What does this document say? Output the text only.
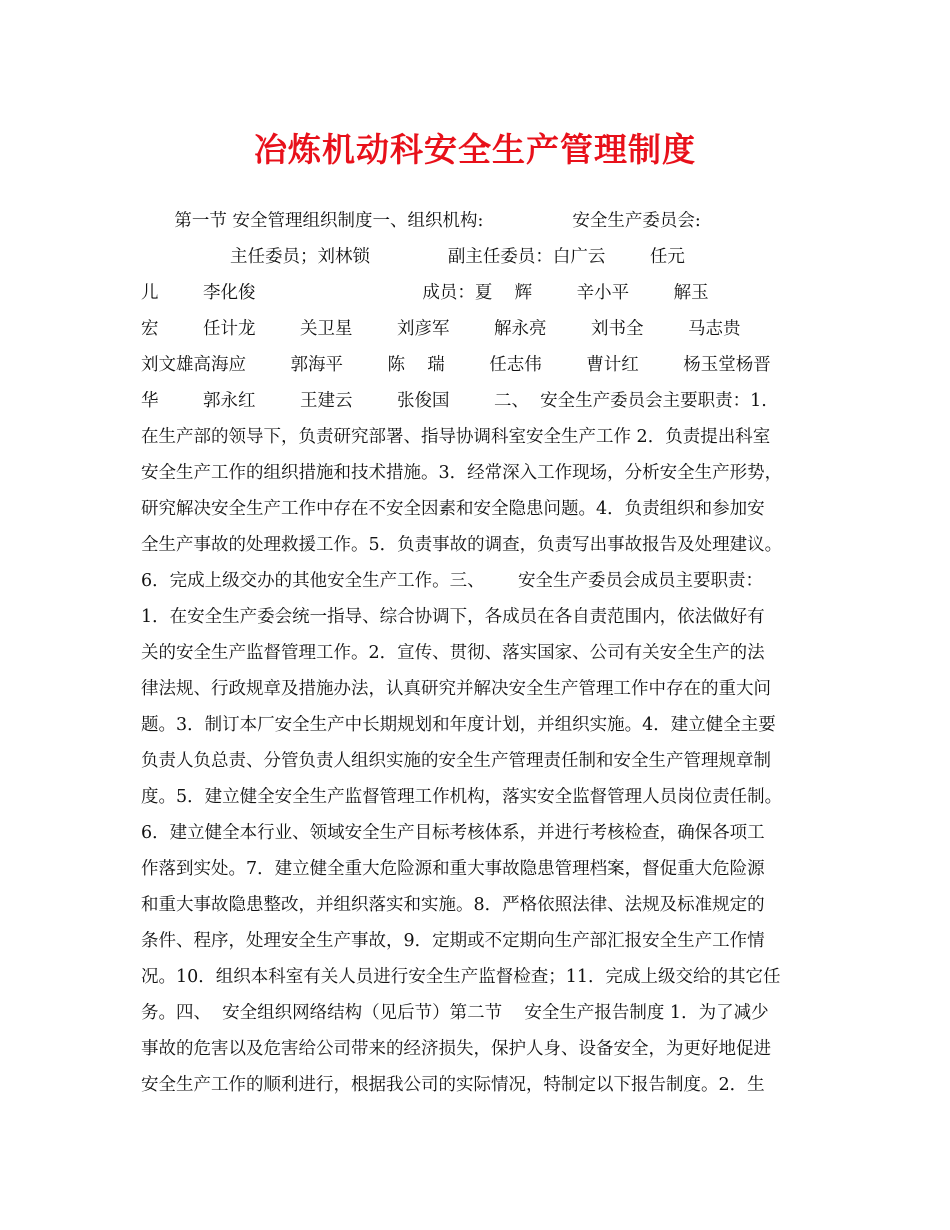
冶炼机动科安全生产管理制度
第一节 安全管理组织制度一、组织机构:                安全生产委员会:
主任委员；刘林锁              副主任委员：白广云        任元
儿        李化俊                              成员：夏    辉        辛小平        解玉
宏        任计龙        关卫星        刘彦军        解永亮        刘书全        马志贵
刘文雄高海应        郭海平        陈    瑞        任志伟        曹计红        杨玉堂杨晋
华        郭永红        王建云        张俊国        二、  安全生产委员会主要职责：1.
在生产部的领导下，负责研究部署、指导协调科室安全生产工作 2．负责提出科室
安全生产工作的组织措施和技术措施。3．经常深入工作现场，分析安全生产形势，
研究解决安全生产工作中存在不安全因素和安全隐患问题。4．负责组织和参加安
全生产事故的处理救援工作。5．负责事故的调查，负责写出事故报告及处理建议。
6．完成上级交办的其他安全生产工作。三、      安全生产委员会成员主要职责：
1．在安全生产委会统一指导、综合协调下，各成员在各自责范围内，依法做好有
关的安全生产监督管理工作。2．宣传、贯彻、落实国家、公司有关安全生产的法
律法规、行政规章及措施办法，认真研究并解决安全生产管理工作中存在的重大问
题。3．制订本厂安全生产中长期规划和年度计划，并组织实施。4．建立健全主要
负责人负总责、分管负责人组织实施的安全生产管理责任制和安全生产管理规章制
度。5．建立健全安全生产监督管理工作机构，落实安全监督管理人员岗位责任制。
6．建立健全本行业、领域安全生产目标考核体系，并进行考核检查，确保各项工
作落到实处。7．建立健全重大危险源和重大事故隐患管理档案，督促重大危险源
和重大事故隐患整改，并组织落实和实施。8．严格依照法律、法规及标准规定的
条件、程序，处理安全生产事故，9．定期或不定期向生产部汇报安全生产工作情
况。10．组织本科室有关人员进行安全生产监督检查；11．完成上级交给的其它任
务。四、  安全组织网络结构（见后节）第二节    安全生产报告制度 1．为了减少
事故的危害以及危害给公司带来的经济损失，保护人身、设备安全，为更好地促进
安全生产工作的顺利进行，根据我公司的实际情况，特制定以下报告制度。2．生
